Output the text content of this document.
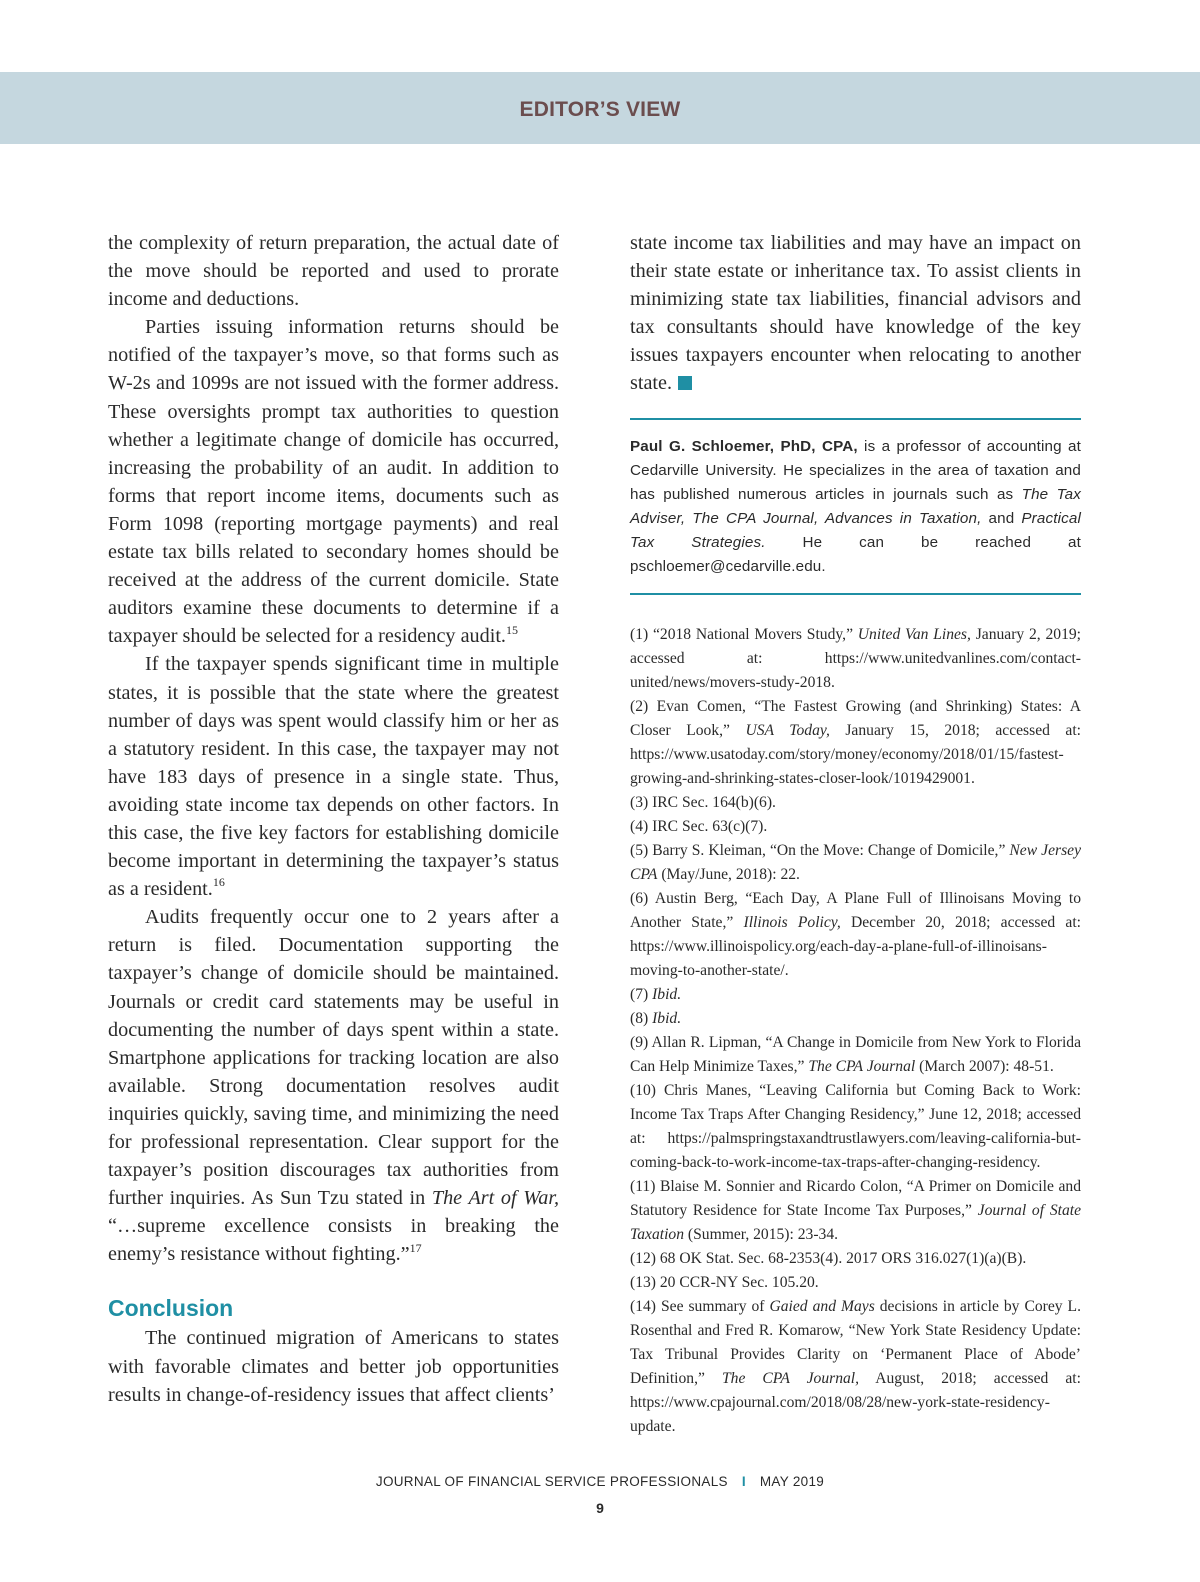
EDITOR’S VIEW

the complexity of return preparation, the actual date of the move should be reported and used to prorate income and deductions.

Parties issuing information returns should be notified of the taxpayer’s move, so that forms such as W-2s and 1099s are not issued with the former address. These oversights prompt tax authorities to question whether a legitimate change of domicile has occurred, increasing the probability of an audit. In addition to forms that report income items, documents such as Form 1098 (reporting mortgage payments) and real estate tax bills related to secondary homes should be received at the address of the current domicile. State auditors examine these documents to determine if a taxpayer should be selected for a residency audit.$^{15}$

If the taxpayer spends significant time in multiple states, it is possible that the state where the greatest number of days was spent would classify him or her as a statutory resident. In this case, the taxpayer may not have 183 days of presence in a single state. Thus, avoiding state income tax depends on other factors. In this case, the five key factors for establishing domicile become important in determining the taxpayer’s status as a resident.$^{16}$

Audits frequently occur one to 2 years after a return is filed. Documentation supporting the taxpayer’s change of domicile should be maintained. Journals or credit card statements may be useful in documenting the number of days spent within a state. Smartphone applications for tracking location are also available. Strong documentation resolves audit inquiries quickly, saving time, and minimizing the need for professional representation. Clear support for the taxpayer’s position discourages tax authorities from further inquiries. As Sun Tzu stated in The Art of War, “…supreme excellence consists in breaking the enemy’s resistance without fighting.”$^{17}$

Conclusion

The continued migration of Americans to states with favorable climates and better job opportunities results in change-of-residency issues that affect clients’

state income tax liabilities and may have an impact on their state estate or inheritance tax. To assist clients in minimizing state tax liabilities, financial advisors and tax consultants should have knowledge of the key issues taxpayers encounter when relocating to another state.

Paul G. Schloemer, PhD, CPA, is a professor of accounting at Cedarville University. He specializes in the area of taxation and has published numerous articles in journals such as The Tax Adviser, The CPA Journal, Advances in Taxation, and Practical Tax Strategies. He can be reached at pschloemer@cedarville.edu.

(1) “2018 National Movers Study,” United Van Lines, January 2, 2019; accessed at: https://www.unitedvanlines.com/contact-united/news/movers-study-2018.

(2) Evan Comen, “The Fastest Growing (and Shrinking) States: A Closer Look,” USA Today, January 15, 2018; accessed at: https://www.usatoday.com/story/money/economy/2018/01/15/fastest-growing-and-shrinking-states-closer-look/1019429001.

(3) IRC Sec. 164(b)(6).

(4) IRC Sec. 63(c)(7).

(5) Barry S. Kleiman, “On the Move: Change of Domicile,” New Jersey CPA (May/June, 2018): 22.

(6) Austin Berg, “Each Day, A Plane Full of Illinoisans Moving to Another State,” Illinois Policy, December 20, 2018; accessed at: https://www.illinoispolicy.org/each-day-a-plane-full-of-illinoisans-moving-to-another-state/.

(7) Ibid.

(8) Ibid.

(9) Allan R. Lipman, “A Change in Domicile from New York to Florida Can Help Minimize Taxes,” The CPA Journal (March 2007): 48-51.

(10) Chris Manes, “Leaving California but Coming Back to Work: Income Tax Traps After Changing Residency,” June 12, 2018; accessed at: https://palmspringstaxandtrustlawyers.com/leaving-california-but-coming-back-to-work-income-tax-traps-after-changing-residency.

(11) Blaise M. Sonnier and Ricardo Colon, “A Primer on Domicile and Statutory Residence for State Income Tax Purposes,” Journal of State Taxation (Summer, 2015): 23-34.

(12) 68 OK Stat. Sec. 68-2353(4). 2017 ORS 316.027(1)(a)(B).

(13) 20 CCR-NY Sec. 105.20.

(14) See summary of Gaied and Mays decisions in article by Corey L. Rosenthal and Fred R. Komarow, “New York State Residency Update: Tax Tribunal Provides Clarity on ‘Permanent Place of Abode’ Definition,” The CPA Journal, August, 2018; accessed at: https://www.cpajournal.com/2018/08/28/new-york-state-residency-update.

JOURNAL OF FINANCIAL SERVICE PROFESSIONALS I MAY 2019
9
